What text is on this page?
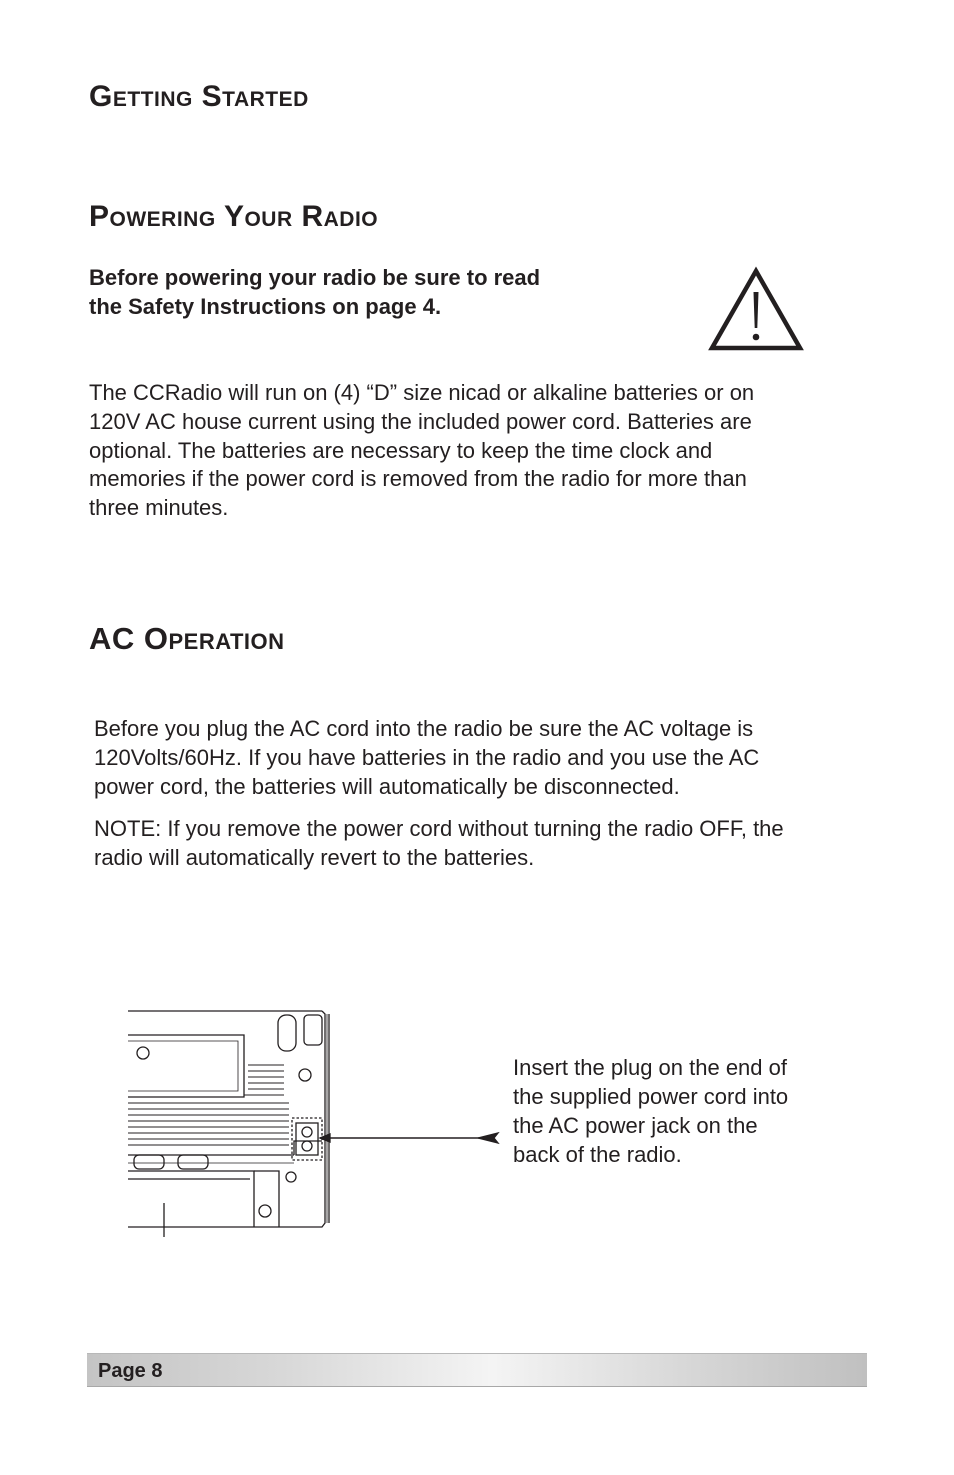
Getting Started
Powering Your Radio

Before powering your radio be sure to read
the Safety Instructions on page 4.

The CCRadio will run on (4) “D” size nicad or alkaline batteries or on
120V AC house current using the included power cord. Batteries are
optional. The batteries are necessary to keep the time clock and
memories if the power cord is removed from the radio for more than
three minutes.

AC Operation

Before you plug the AC cord into the radio be sure the AC voltage is
120Volts/60Hz. If you have batteries in the radio and you use the AC
power cord, the batteries will automatically be disconnected.

NOTE: If you remove the power cord without turning the radio OFF, the
radio will automatically revert to the batteries.

Insert the plug on the end of
the supplied power cord into
the AC power jack on the
back of the radio.

Page 8
